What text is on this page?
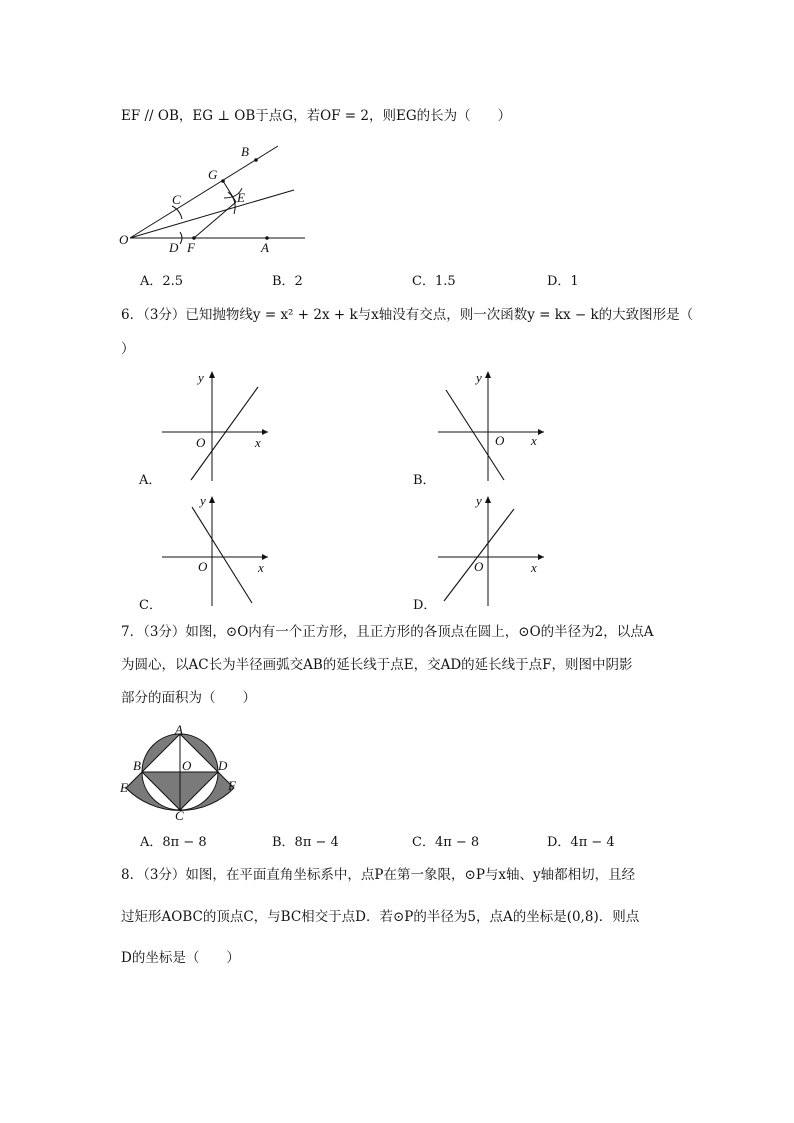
EF // OB，EG ⊥ OB于点G，若OF = 2，则EG的长为（　　）
B
G
C	E
O
D F	A
A．2.5	B．2	C．1.5	D．1
6．（3分）已知抛物线y = x² + 2x + k与x轴没有交点，则一次函数y = kx − k的大致图形是（
）
y
O	x
A．
y
O x
B．
y
O	x
C．
y
O	x
D．
7．（3分）如图，⊙O内有一个正方形，且正方形的各顶点在圆上，⊙O的半径为2，以点A
为圆心，以AC长为半径画弧交AB的延长线于点E，交AD的延长线于点F，则图中阴影
部分的面积为（　　）
A
B	O D
E	F
C
A．8π − 8	B．8π − 4	C．4π − 8	D．4π − 4
8．（3分）如图，在平面直角坐标系中，点P在第一象限，⊙P与x轴、y轴都相切，且经
过矩形AOBC的顶点C，与BC相交于点D．若⊙P的半径为5，点A的坐标是(0,8)．则点
D的坐标是（　　）
